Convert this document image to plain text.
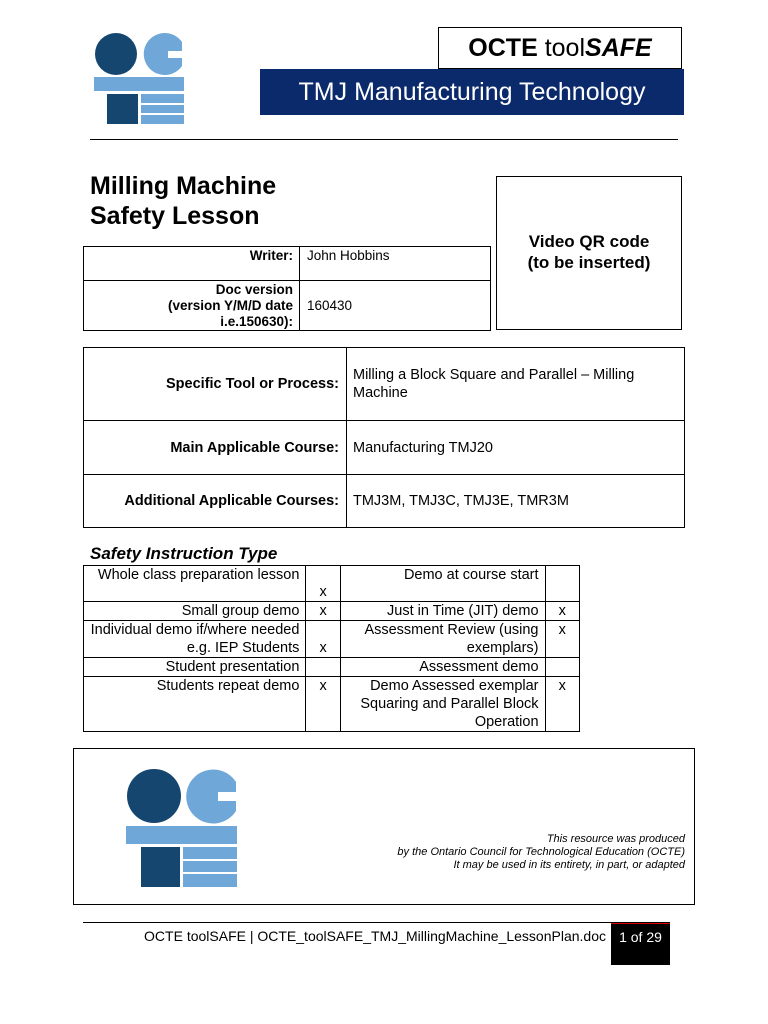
OCTE
tool SAFE
TMJ Manufacturing Technology
Milling Machine
Safety Lesson
Video QR code
(to be inserted)
Writer:	John Hobbins

Doc version
(version Y/M/D date
i.e.150630):	160430
Specific Tool or Process:	Milling a Block Square and Parallel – Milling Machine
Main Applicable Course:	Manufacturing TMJ20
Additional Applicable Courses:	TMJ3M, TMJ3C, TMJ3E, TMR3M
Safety Instruction Type
Whole class preparation lesson	x	Demo at course start	
Small group demo	x	Just in Time (JIT) demo	x
Individual demo if/where needed e.g. IEP Students	x	Assessment Review (using exemplars)	x
Student presentation		Assessment demo	
Students repeat demo	x	Demo Assessed exemplar Squaring and Parallel Block Operation	x
This resource was produced
by the Ontario Council for Technological Education (OCTE)
It may be used in its entirety, in part, or adapted
OCTE toolSAFE | OCTE_toolSAFE_TMJ_MillingMachine_LessonPlan.doc 1 of 29
